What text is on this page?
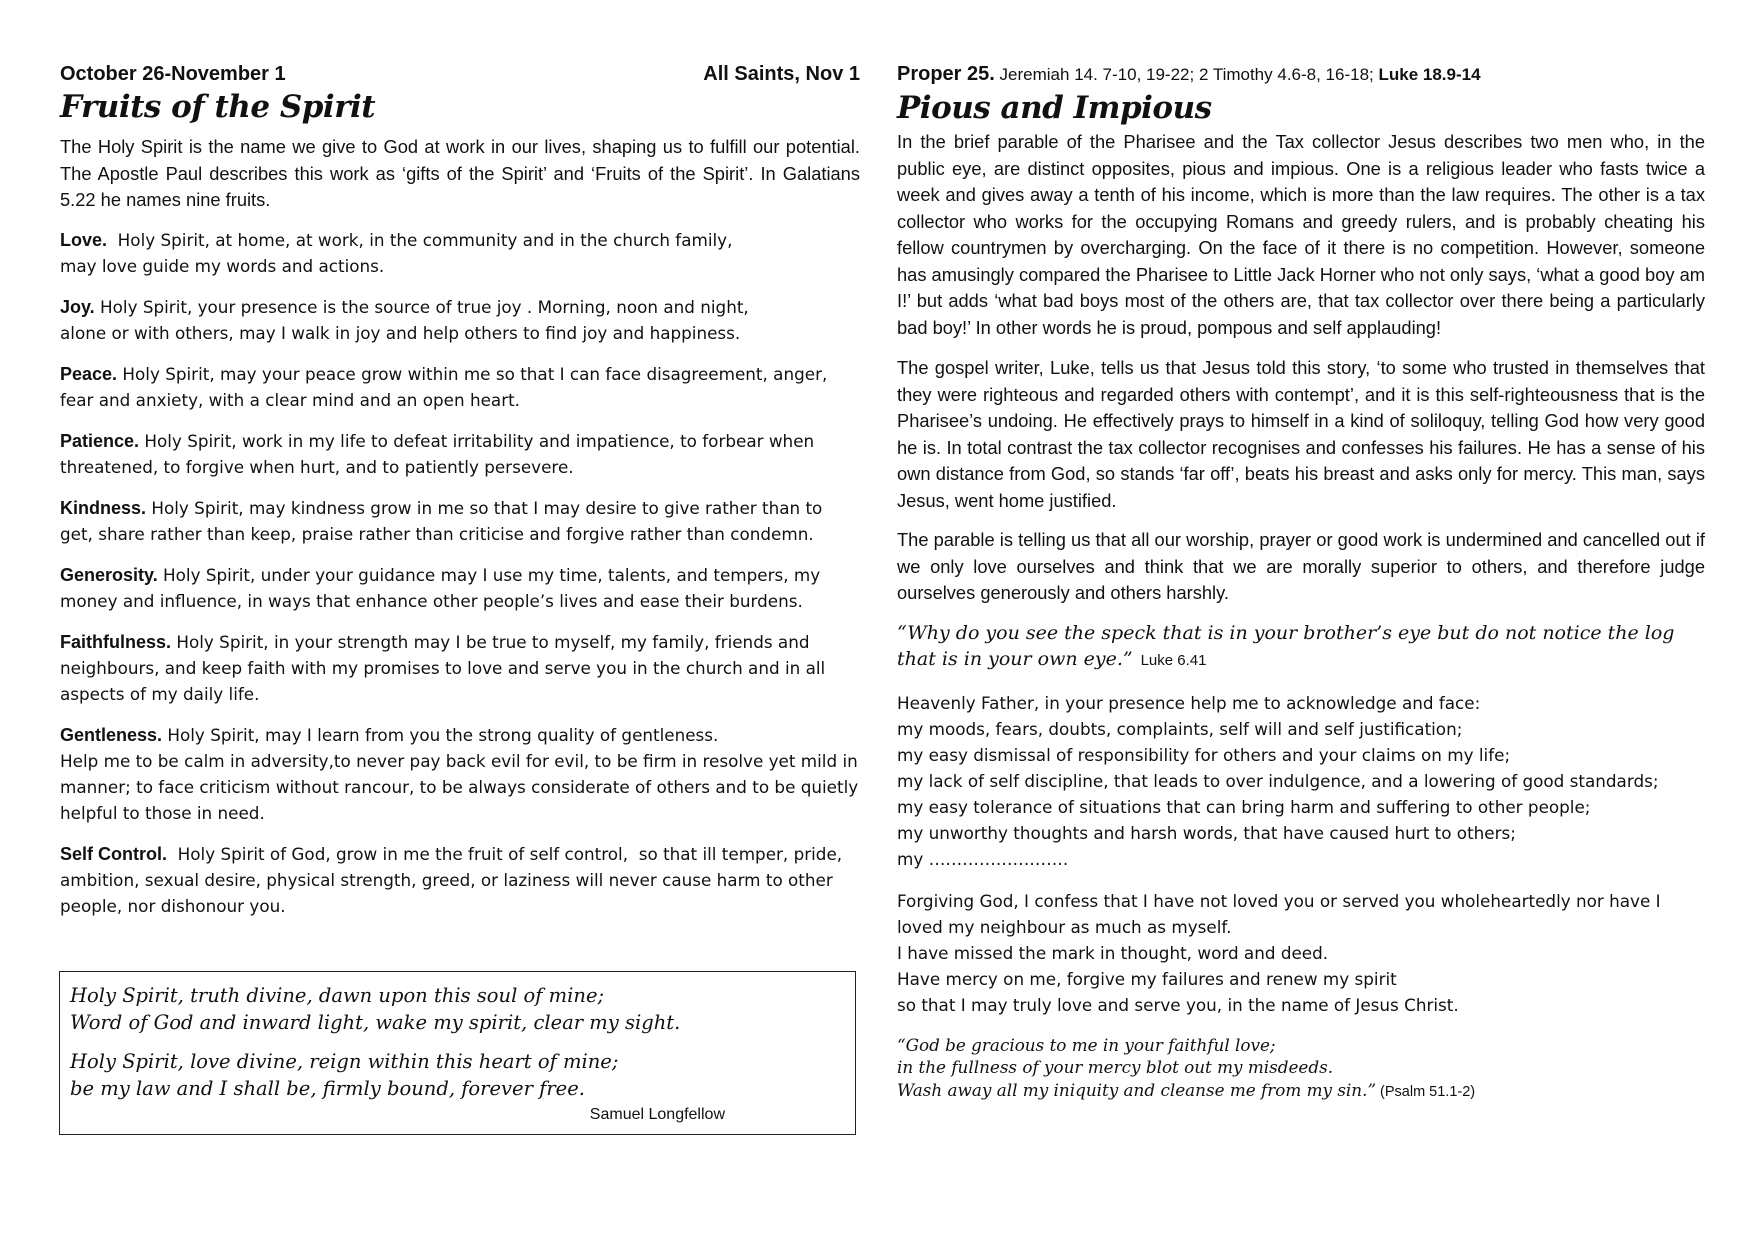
October 26-November 1	All Saints, Nov 1
Fruits of the Spirit

The Holy Spirit is the name we give to God at work in our lives, shaping us to fulfill our potential. The Apostle Paul describes this work as ‘gifts of the Spirit’ and ‘Fruits of the Spirit’. In Galatians 5.22 he names nine fruits.

Love.  Holy Spirit, at home, at work, in the community and in the church family,
may love guide my words and actions.

Joy. Holy Spirit, your presence is the source of true joy . Morning, noon and night,
alone or with others, may I walk in joy and help others to find joy and happiness.

Peace. Holy Spirit, may your peace grow within me so that I can face disagreement, anger, fear and anxiety, with a clear mind and an open heart.

Patience. Holy Spirit, work in my life to defeat irritability and impatience, to forbear when threatened, to forgive when hurt, and to patiently persevere.

Kindness. Holy Spirit, may kindness grow in me so that I may desire to give rather than to get, share rather than keep, praise rather than criticise and forgive rather than condemn.

Generosity. Holy Spirit, under your guidance may I use my time, talents, and tempers, my money and influence, in ways that enhance other people’s lives and ease their burdens.

Faithfulness. Holy Spirit, in your strength may I be true to myself, my family, friends and neighbours, and keep faith with my promises to love and serve you in the church and in all aspects of my daily life.

Gentleness. Holy Spirit, may I learn from you the strong quality of gentleness.
Help me to be calm in adversity,to never pay back evil for evil, to be firm in resolve yet mild in manner; to face criticism without rancour, to be always considerate of others and to be quietly helpful to those in need.

Self Control.  Holy Spirit of God, grow in me the fruit of self control,  so that ill temper, pride, ambition, sexual desire, physical strength, greed, or laziness will never cause harm to other people, nor dishonour you.

Holy Spirit, truth divine, dawn upon this soul of mine;
Word of God and inward light, wake my spirit, clear my sight.
Holy Spirit, love divine, reign within this heart of mine;
be my law and I shall be, firmly bound, forever free.
Samuel Longfellow
Proper 25. Jeremiah 14. 7-10, 19-22; 2 Timothy 4.6-8, 16-18; Luke 18.9-14
Pious and Impious

In the brief parable of the Pharisee and the Tax collector Jesus describes two men who, in the public eye, are distinct opposites, pious and impious. One is a religious leader who fasts twice a week and gives away a tenth of his income, which is more than the law requires. The other is a tax collector who works for the occupying Romans and greedy rulers, and is probably cheating his fellow countrymen by overcharging. On the face of it there is no competition. However, someone has amusingly compared the Pharisee to Little Jack Horner who not only says, ‘what a good boy am I!’ but adds ‘what bad boys most of the others are, that tax collector over there being a particularly bad boy!’ In other words he is proud, pompous and self applauding!

The gospel writer, Luke, tells us that Jesus told this story, ‘to some who trusted in themselves that they were righteous and regarded others with contempt’, and it is this self-righteousness that is the Pharisee’s undoing. He effectively prays to himself in a kind of soliloquy, telling God how very good he is. In total contrast the tax collector recognises and confesses his failures. He has a sense of his own distance from God, so stands ‘far off’, beats his breast and asks only for mercy. This man, says Jesus, went home justified.

The parable is telling us that all our worship, prayer or good work is undermined and cancelled out if we only love ourselves and think that we are morally superior to others, and therefore judge ourselves generously and others harshly.

“Why do you see the speck that is in your brother’s eye but do not notice the log that is in your own eye.” Luke 6.41

Heavenly Father, in your presence help me to acknowledge and face:
my moods, fears, doubts, complaints, self will and self justification;
my easy dismissal of responsibility for others and your claims on my life;
my lack of self discipline, that leads to over indulgence, and a lowering of good standards;
my easy tolerance of situations that can bring harm and suffering to other people;
my unworthy thoughts and harsh words, that have caused hurt to others;
my …………………….
Forgiving God, I confess that I have not loved you or served you wholeheartedly nor have I loved my neighbour as much as myself.
I have missed the mark in thought, word and deed.
Have mercy on me, forgive my failures and renew my spirit
so that I may truly love and serve you, in the name of Jesus Christ.
“God be gracious to me in your faithful love;
in the fullness of your mercy blot out my misdeeds.
Wash away all my iniquity and cleanse me from my sin.” (Psalm 51.1-2)
